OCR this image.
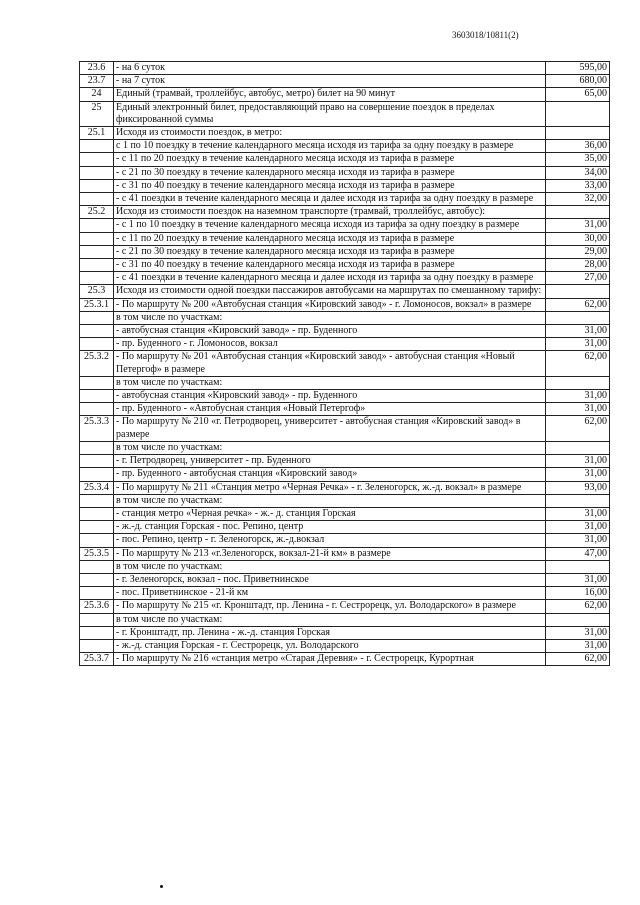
3603018/10811(2)
23.6	- на 6 суток	595,00
23.7	- на 7 суток	680,00
24	Единый (трамвай, троллейбус, автобус, метро) билет на 90 минут	65,00
25	Единый электронный билет, предоставляющий право на совершение поездок в пределах фиксированной суммы	
25.1	Исходя из стоимости поездок, в метро:	
	с 1 по 10 поездку в течение календарного месяца исходя из тарифа за одну поездку в размере	36,00
	- с 11 по 20 поездку в течение календарного месяца исходя из тарифа в размере	35,00
	- с 21 по 30 поездку в течение календарного месяца исходя из тарифа в размере	34,00
	- с 31 по 40 поездку в течение календарного месяца исходя из тарифа в размере	33,00
	- с 41 поездки в течение календарного месяца и далее исходя из тарифа за одну поездку в размере	32,00
25.2	Исходя из стоимости поездок на наземном транспорте (трамвай, троллейбус, автобус):	
	- с 1 по 10 поездку в течение календарного месяца исходя из тарифа за одну поездку в размере	31,00
	- с 11 по 20 поездку в течение календарного месяца исходя из тарифа в размере	30,00
	- с 21 по 30 поездку в течение календарного месяца исходя из тарифа в размере	29,00
	- с 31 по 40 поездку в течение календарного месяца исходя из тарифа в размере	28,00
	- с 41 поездки в течение календарного месяца и далее исходя из тарифа за одну поездку в размере	27,00
25.3	Исходя из стоимости одной поездки пассажиров автобусами на маршрутах по смешанному тарифу:	
25.3.1	- По маршруту № 200 «Автобусная станция «Кировский завод» - г. Ломоносов, вокзал» в размере	62,00
	в том числе по участкам:	
	- автобусная станция «Кировский завод» - пр. Буденного	31,00
	- пр. Буденного - г. Ломоносов, вокзал	31,00
25.3.2	- По маршруту № 201 «Автобусная станция «Кировский завод» - автобусная станция «Новый Петергоф» в размере	62,00
	в том числе по участкам:	
	- автобусная станция «Кировский завод» - пр. Буденного	31,00
	- пр. Буденного - «Автобусная станция «Новый Петергоф»	31,00
25.3.3	- По маршруту № 210 «г. Петродворец, университет - автобусная станция «Кировский завод» в размере	62,00
	в том числе по участкам:	
	- г. Петродворец, университет - пр. Буденного	31,00
	- пр. Буденного - автобусная станция «Кировский завод»	31,00
25.3.4	- По маршруту № 211 «Станция метро «Черная Речка» - г. Зеленогорск, ж.-д. вокзал» в размере	93,00
	в том числе по участкам:	
	- станция метро «Черная речка» - ж.- д. станция Горская	31,00
	- ж.-д. станция Горская - пос. Репино, центр	31,00
	- пос. Репино, центр - г. Зеленогорск, ж.-д.вокзал	31,00
25.3.5	- По маршруту № 213 «г.Зеленогорск, вокзал-21-й км» в размере	47,00
	в том числе по участкам:	
	- г. Зеленогорск, вокзал - пос. Приветнинское	31,00
	- пос. Приветнинское - 21-й км	16,00
25.3.6	- По маршруту № 215 «г. Кронштадт, пр. Ленина - г. Сестрорецк, ул. Володарского» в размере	62,00
	в том числе по участкам:	
	- г. Кронштадт, пр. Ленина - ж.-д. станция Горская	31,00
	- ж.-д. станция Горская - г. Сестрорецк, ул. Володарского	31,00
25.3.7	- По маршруту № 216 «станция метро «Старая Деревня» - г. Сестрорецк, Курортная	62,00
